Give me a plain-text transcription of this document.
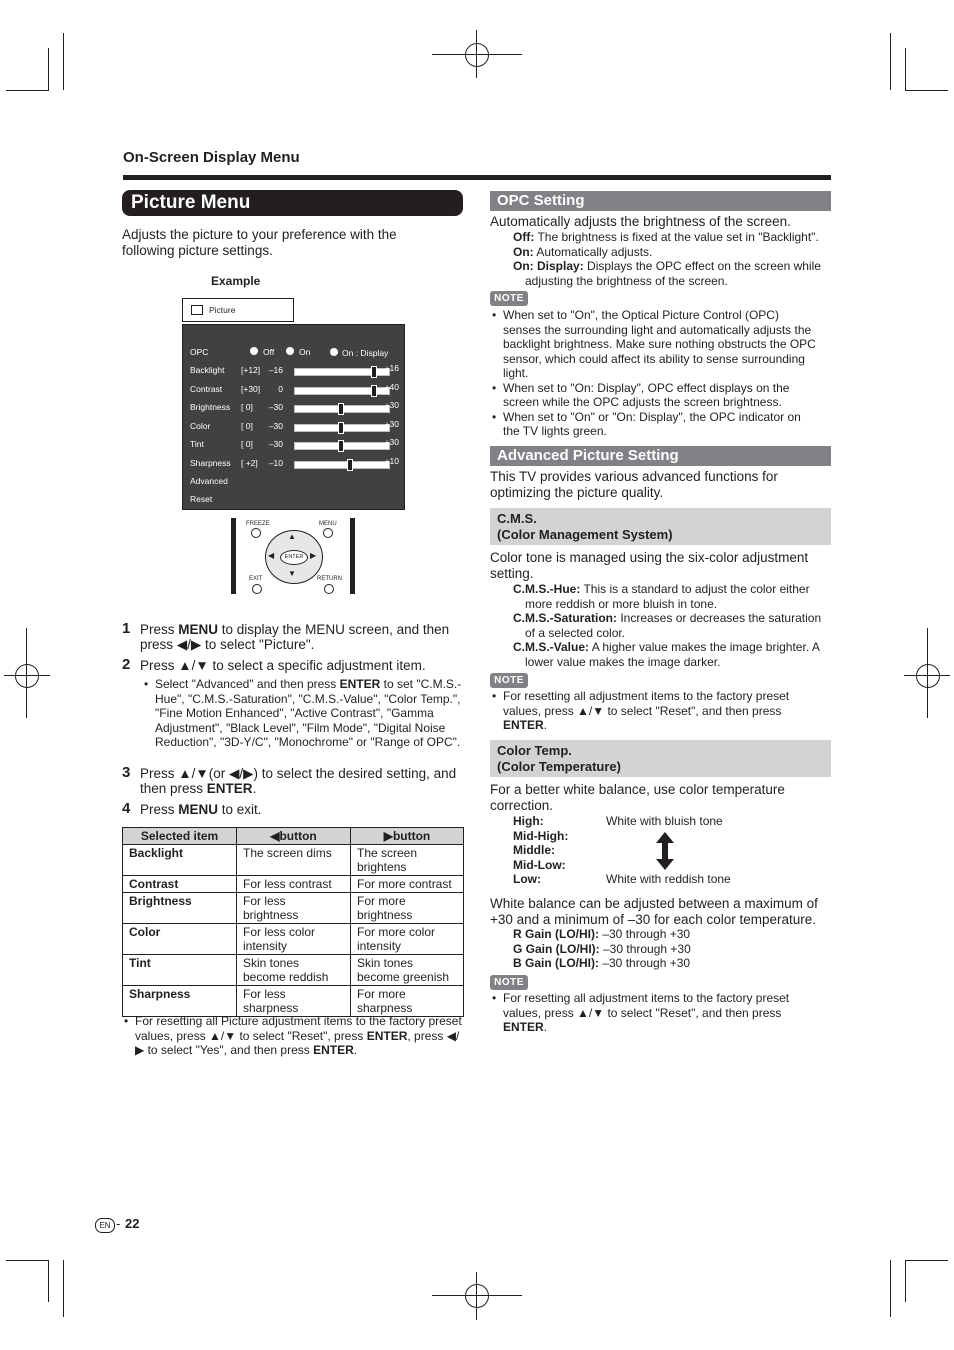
On-Screen Display Menu
Picture Menu
Adjusts the picture to your preference with the following picture settings.
Example
Picture
OPC	Off	On	On : Display
Backlight [+12]	–16	+16
Contrast [+30]	0	+40
Brightness [ 0]	–30	+30
Color	[ 0]	–30	+30
Tint	[ 0]	–30	+30
Sharpness [ +2]	–10	+10
Advanced
Reset
FREEZE	MENU
▲
▼
◀	▶
ENTER
EXIT	RETURN
1 Press MENU to display the MENU screen, and then press ◀/▶ to select "Picture".
2 Press ▲/▼ to select a specific adjustment item.
• Select "Advanced" and then press ENTER to set "C.M.S.-Hue", "C.M.S.-Saturation", "C.M.S.-Value", "Color Temp.", "Fine Motion Enhanced", "Active Contrast", "Gamma Adjustment", "Black Level", "Film Mode", "Digital Noise Reduction", "3D-Y/C", "Monochrome" or "Range of OPC".
3 Press ▲/▼(or ◀/▶) to select the desired setting, and then press ENTER.
4 Press MENU to exit.
Selected item	◀button	▶button
Backlight	The screen dims	The screen brightens
Contrast	For less contrast	For more contrast
Brightness	For less brightness	For more brightness
Color	For less color intensity	For more color intensity
Tint	Skin tones become reddish	Skin tones become greenish
Sharpness	For less sharpness	For more sharpness
• For resetting all Picture adjustment items to the factory preset values, press ▲/▼ to select "Reset", press ENTER, press ◀/▶ to select "Yes", and then press ENTER.
OPC Setting
Automatically adjusts the brightness of the screen.
Off: The brightness is fixed at the value set in "Backlight".
On: Automatically adjusts.
On: Display: Displays the OPC effect on the screen while adjusting the brightness of the screen.
NOTE
• When set to "On", the Optical Picture Control (OPC) senses the surrounding light and automatically adjusts the backlight brightness. Make sure nothing obstructs the OPC sensor, which could affect its ability to sense surrounding light.
• When set to "On: Display", OPC effect displays on the screen while the OPC adjusts the screen brightness.
• When set to "On" or "On: Display", the OPC indicator on the TV lights green.
Advanced Picture Setting
This TV provides various advanced functions for optimizing the picture quality.
C.M.S.
(Color Management System)
Color tone is managed using the six-color adjustment setting.
C.M.S.-Hue: This is a standard to adjust the color either more reddish or more bluish in tone.
C.M.S.-Saturation: Increases or decreases the saturation of a selected color.
C.M.S.-Value: A higher value makes the image brighter. A lower value makes the image darker.
NOTE
• For resetting all adjustment items to the factory preset values, press ▲/▼ to select "Reset", and then press ENTER.
Color Temp.
(Color Temperature)
For a better white balance, use color temperature correction.
High:
Mid-High:
Middle:
Mid-Low:
Low:
White with bluish tone
White with reddish tone
White balance can be adjusted between a maximum of +30 and a minimum of –30 for each color temperature.
R Gain (LO/HI): –30 through +30
G Gain (LO/HI): –30 through +30
B Gain (LO/HI): –30 through +30
NOTE
• For resetting all adjustment items to the factory preset values, press ▲/▼ to select "Reset", and then press ENTER.
EN - 22
